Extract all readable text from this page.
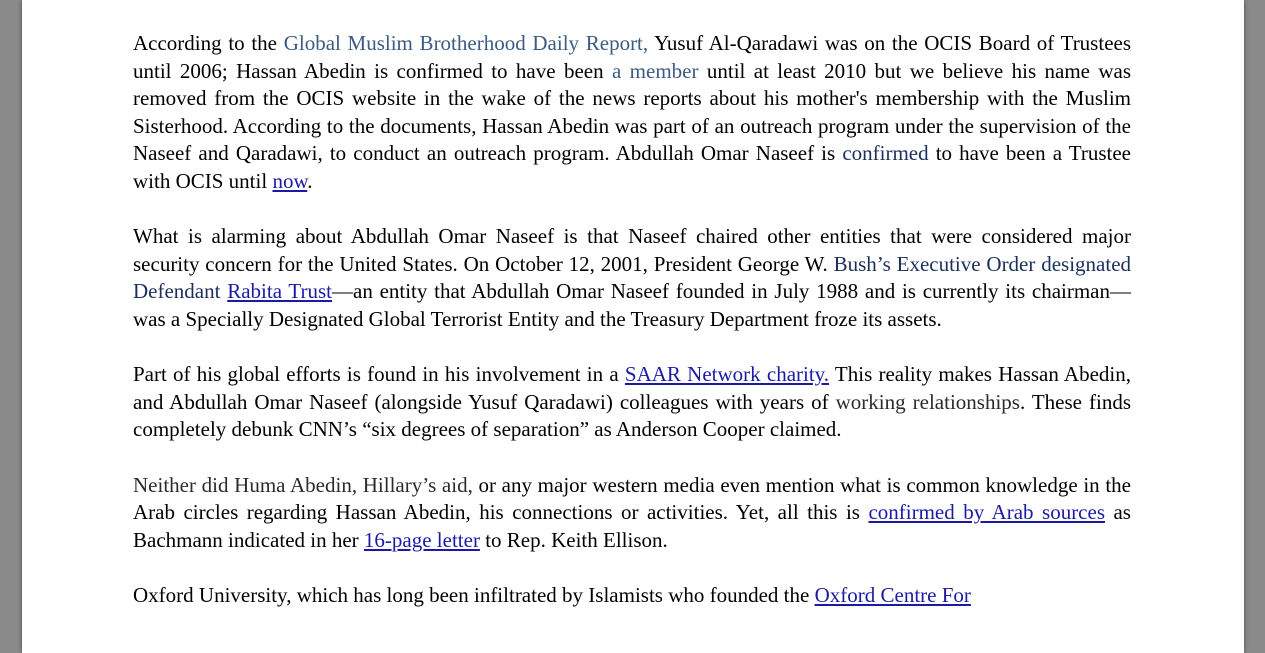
According to the Global Muslim Brotherhood Daily Report, Yusuf Al-Qaradawi was on the OCIS Board of Trustees until 2006; Hassan Abedin is confirmed to have been a member until at least 2010 but we believe his name was removed from the OCIS website in the wake of the news reports about his mother's membership with the Muslim Sisterhood. According to the documents, Hassan Abedin was part of an outreach program under the supervision of the Naseef and Qaradawi, to conduct an outreach program. Abdullah Omar Naseef is confirmed to have been a Trustee with OCIS until now.

What is alarming about Abdullah Omar Naseef is that Naseef chaired other entities that were considered major security concern for the United States. On October 12, 2001, President George W. Bush’s Executive Order designated Defendant Rabita Trust—an entity that Abdullah Omar Naseef founded in July 1988 and is currently its chairman—was a Specially Designated Global Terrorist Entity and the Treasury Department froze its assets.

Part of his global efforts is found in his involvement in a SAAR Network charity. This reality makes Hassan Abedin, and Abdullah Omar Naseef (alongside Yusuf Qaradawi) colleagues with years of working relationships. These finds completely debunk CNN’s “six degrees of separation” as Anderson Cooper claimed.

Neither did Huma Abedin, Hillary’s aid, or any major western media even mention what is common knowledge in the Arab circles regarding Hassan Abedin, his connections or activities. Yet, all this is confirmed by Arab sources as Bachmann indicated in her 16-page letter to Rep. Keith Ellison.

Oxford University, which has long been infiltrated by Islamists who founded the Oxford Centre For
